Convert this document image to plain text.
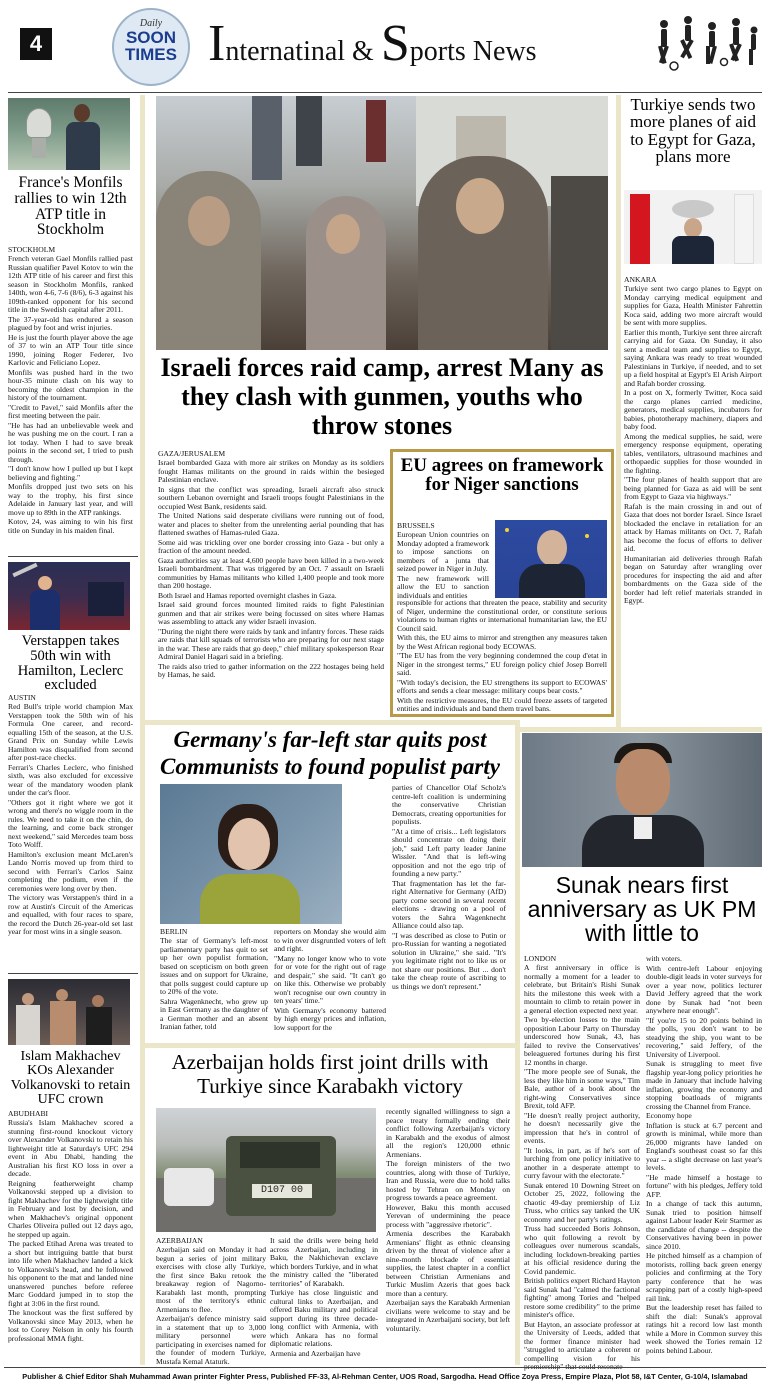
4
Daily
SOON
TIMES Internatinal & Sports News
France's Monfils rallies to win 12th ATP title in Stockholm
STOCKHOLM

French veteran Gael Monfils rallied past Russian qualifier Pavel Kotov to win the 12th ATP title of his career and first this season in Stockholm Monfils, ranked 140th, won 4-6, 7-6 (8/6), 6-3 against his 109th-ranked opponent for his second title in the Swedish capital after 2011.

The 37-year-old has endured a season plagued by foot and wrist injuries.

He is just the fourth player above the age of 37 to win an ATP Tour title since 1990, joining Roger Federer, Ivo Karlovic and Feliciano Lopez.

Monfils was pushed hard in the two hour-35 minute clash on his way to becoming the oldest champion in the history of the tournament.

"Credit to Pavel," said Monfils after the first meeting between the pair.

"He has had an unbelievable week and he was pushing me on the court. I ran a lot today. When I had to save break points in the second set, I tried to push through.

"I don't know how I pulled up but I kept believing and fighting."

Monfils dropped just two sets on his way to the trophy, his first since Adelaide in January last year, and will move up to 89th in the ATP rankings.

Kotov, 24, was aiming to win his first title on Sunday in his maiden final.

Verstappen takes 50th win with Hamilton, Leclerc excluded
AUSTIN

Red Bull's triple world champion Max Verstappen took the 50th win of his Formula One career, and record-equalling 15th of the season, at the U.S. Grand Prix on Sunday while Lewis Hamilton was disqualified from second after post-race checks.

Ferrari's Charles Leclerc, who finished sixth, was also excluded for excessive wear of the mandatory wooden plank under the car's floor.

"Others got it right where we got it wrong and there's no wiggle room in the rules. We need to take it on the chin, do the learning, and come back stronger next weekend," said Mercedes team boss Toto Wolff.

Hamilton's exclusion meant McLaren's Lando Norris moved up from third to second with Ferrari's Carlos Sainz completing the podium, even if the ceremonies were long over by then.

The victory was Verstappen's third in a row at Austin's Circuit of the Americas and equalled, with four races to spare, the record the Dutch 26-year-old set last year for most wins in a single season.

Islam Makhachev KOs Alexander Volkanovski to retain UFC crown
ABUDHABI

Russia's Islam Makhachev scored a stunning first-round knockout victory over Alexander Volkanovski to retain his lightweight title at Saturday's UFC 294 event in Abu Dhabi, handing the Australian his first KO loss in over a decade.

Reigning featherweight champ Volkanovski stepped up a division to fight Makhachev for the lightweight title in February and lost by decision, and when Makhachev's original opponent Charles Oliveira pulled out 12 days ago, he stepped up again.

The packed Etihad Arena was treated to a short but intriguing battle that burst into life when Makhachev landed a kick to Volkanovski's head, and he followed his opponent to the mat and landed nine unanswered punches before referee Marc Goddard jumped in to stop the fight at 3:06 in the first round.

The knockout was the first suffered by Volkanovski since May 2013, when he lost to Corey Nelson in only his fourth professional MMA fight.

Israeli forces raid camp, arrest Many as they clash with gunmen, youths who throw stones
GAZA/JERUSALEM

Israel bombarded Gaza with more air strikes on Monday as its soldiers fought Hamas militants on the ground in raids within the besieged Palestinian enclave.

In signs that the conflict was spreading, Israeli aircraft also struck southern Lebanon overnight and Israeli troops fought Palestinians in the occupied West Bank, residents said.

The United Nations said desperate civilians were running out of food, water and places to shelter from the unrelenting aerial pounding that has flattened swathes of Hamas-ruled Gaza.

Some aid was trickling over one border crossing into Gaza - but only a fraction of the amount needed.

Gaza authorities say at least 4,600 people have been killed in a two-week Israeli bombardment. That was triggered by an Oct. 7 assault on Israeli communities by Hamas militants who killed 1,400 people and took more than 200 hostage.

Both Israel and Hamas reported overnight clashes in Gaza.

Israel said ground forces mounted limited raids to fight Palestinian gunmen and that air strikes were being focussed on sites where Hamas was assembling to attack any wider Israeli invasion.

"During the night there were raids by tank and infantry forces. These raids are raids that kill squads of terrorists who are preparing for our next stage in the war. These are raids that go deep," chief military spokesperson Rear Admiral Daniel Hagari said in a briefing.

The raids also tried to gather information on the 222 hostages being held by Hamas, he said.

EU agrees on framework for Niger sanctions
BRUSSELS

European Union countries on Monday adopted a framework to impose sanctions on members of a junta that seized power in Niger in July.

The new framework will allow the EU to sanction individuals and entities

responsible for actions that threaten the peace, stability and security of Niger, undermine the constitutional order, or constitute serious violations to human rights or international humanitarian law, the EU Council said.

With this, the EU aims to mirror and strengthen any measures taken by the West African regional body ECOWAS.

"The EU has from the very beginning condemned the coup d'etat in Niger in the strongest terms," EU foreign policy chief Josep Borrell said.

"With today's decision, the EU strengthens its support to ECOWAS' efforts and sends a clear message: military coups bear costs."

With the restrictive measures, the EU could freeze assets of targeted entities and individuals and band them travel bans.

Turkiye sends two more planes of aid to Egypt for Gaza, plans more
ANKARA

Turkiye sent two cargo planes to Egypt on Monday carrying medical equipment and supplies for Gaza, Health Minister Fahrettin Koca said, adding two more aircraft would be sent with more supplies.

Earlier this month, Turkiye sent three aircraft carrying aid for Gaza. On Sunday, it also sent a medical team and supplies to Egypt, saying Ankara was ready to treat wounded Palestinians in Turkiye, if needed, and to set up a field hospital at Egypt's El Arish Airport and Rafah border crossing.

In a post on X, formerly Twitter, Koca said the cargo planes carried medicine, generators, medical supplies, incubators for babies, phototherapy machinery, diapers and baby food.

Among the medical supplies, he said, were emergency response equipment, operating tables, ventilators, ultrasound machines and orthopaedic supplies for those wounded in the fighting.

"The four planes of health support that are being planned for Gaza as aid will be sent from Egypt to Gaza via highways."

Rafah is the main crossing in and out of Gaza that does not border Israel. Since Israel blockaded the enclave in retaliation for an attack by Hamas militants on Oct. 7, Rafah has become the focus of efforts to deliver aid.

Humanitarian aid deliveries through Rafah began on Saturday after wrangling over procedures for inspecting the aid and after bombardments on the Gaza side of the border had left relief materials stranded in Egypt.

Germany's far-left star quits post
Communists to found populist party
BERLIN

The star of Germany's left-most parliamentary party has quit to set up her own populist formation, based on scepticism on both green issues and on support for Ukraine, that polls suggest could capture up to 20% of the vote.

Sahra Wagenknecht, who grew up in East Germany as the daughter of a German mother and an absent Iranian father, told

reporters on Monday she would aim to win over disgruntled voters of left and right.

"Many no longer know who to vote for or vote for the right out of rage and despair," she said. "It can't go on like this. Otherwise we probably won't recognise our own country in ten years' time."

With Germany's economy battered by high energy prices and inflation, low support for the

parties of Chancellor Olaf Scholz's centre-left coalition is undermining the conservative Christian Democrats, creating opportunities for populists.

"At a time of crisis... Left legislators should concentrate on doing their job," said Left party leader Janine Wissler. "And that is left-wing opposition and not the ego trip of founding a new party."

That fragmentation has let the far-right Alternative for Germany (AfD) party come second in several recent elections - drawing on a pool of voters the Sahra Wagenknecht Alliance could also tap.

"I was described as close to Putin or pro-Russian for wanting a negotiated solution in Ukraine," she said. "It's you legitimate right not to like us or not share our positions. But ... don't take the cheap route of ascribing to us things we don't represent."

Azerbaijan holds first joint drills with
Turkiye since Karabakh victory
D107 00
AZERBAIJAN

Azerbaijan said on Monday it had begun a series of joint military exercises with close ally Turkiye, the first since Baku retook the breakaway region of Nagorno-Karabakh last month, prompting most of the territory's ethnic Armenians to flee.

Azerbaijan's defence ministry said in a statement that up to 3,000 military personnel were participating in exercises named for the founder of modern Turkiye, Mustafa Kemal Ataturk.

It said the drills were being held across Azerbaijan, including in Baku, the Nakhichevan exclave which borders Turkiye, and in what the ministry called the "liberated territories" of Karabakh.

Turkiye has close linguistic and cultural links to Azerbaijan, and offered Baku military and political support during its three decade-long conflict with Armenia, with which Ankara has no formal diplomatic relations.

Armenia and Azerbaijan have

recently signalled willingness to sign a peace treaty formally ending their conflict following Azerbaijan's victory in Karabakh and the exodus of almost all the region's 120,000 ethnic Armenians.

The foreign ministers of the two countries, along with those of Turkiye, Iran and Russia, were due to hold talks hosted by Tehran on Monday on progress towards a peace agreement.

However, Baku this month accused Yerevan of undermining the peace process with "aggressive rhetoric".

Armenia describes the Karabakh Armenians' flight as ethnic cleansing driven by the threat of violence after a nine-month blockade of essential supplies, the latest chapter in a conflict between Christian Armenians and Turkic Muslim Azeris that goes back more than a century.

Azerbaijan says the Karabakh Armenian civilians were welcome to stay and be integrated in Azerbaijani society, but left voluntarily.

Sunak nears first anniversary as UK PM with little to
LONDON

A first anniversary in office is normally a moment for a leader to celebrate, but Britain's Rishi Sunak hits the milestone this week with a mountain to climb to retain power in a general election expected next year.

Two by-election losses to the main opposition Labour Party on Thursday underscored how Sunak, 43, has failed to revive the Conservatives' beleaguered fortunes during his first 12 months in charge.

"The more people see of Sunak, the less they like him in some ways," Tim Bale, author of a book about the right-wing Conservatives since Brexit, told AFP.

"He doesn't really project authority, he doesn't necessarily give the impression that he's in control of events.

"It looks, in part, as if he's sort of lurching from one policy initiative to another in a desperate attempt to curry favour with the electorate."

Sunak entered 10 Downing Street on October 25, 2022, following the chaotic 49-day premiership of Liz Truss, who critics say tanked the UK economy and her party's ratings.

Truss had succeeded Boris Johnson, who quit following a revolt by colleagues over numerous scandals, including lockdown-breaking parties at his official residence during the Covid pandemic.

British politics expert Richard Hayton said Sunak had "calmed the factional fighting" among Tories and "helped restore some credibility" to the prime minister's office.

But Hayton, an associate professor at the University of Leeds, added that the former finance minister had "struggled to articulate a coherent or compelling vision for his

with voters.

With centre-left Labour enjoying double-digit leads in voter surveys for over a year now, politics lecturer David Jeffery agreed that the work done by Sunak had "not been anywhere near enough".

"If you're 15 to 20 points behind in the polls, you don't want to be steadying the ship, you want to be recovering," said Jeffery, of the University of Liverpool.

Sunak is struggling to meet five flagship year-long policy priorities he made in January that include halving inflation, growing the economy and stopping boatloads of migrants crossing the Channel from France.

Economy hope

Inflation is stuck at 6.7 percent and growth is minimal, while more than 26,000 migrants have landed on England's southeast coast so far this year -- a slight decrease on last year's levels.

"He made himself a hostage to fortune" with his pledges, Jeffery told AFP.

In a change of tack this autumn, Sunak tried to position himself against Labour leader Keir Starmer as the candidate of change -- despite the Conservatives having been in power since 2010.

He pitched himself as a champion of motorists, rolling back green energy policies and confirming at the Tory party conference that he was scrapping part of a costly high-speed rail link.

But the leadership reset has failed to shift the dial: Sunak's approval ratings hit a record low last month while a More in Common survey this week showed the Tories remain 12 points behind Labour.

Publisher & Chief Editor Shah Muhammad Awan printer Fighter Press, Published FF-33, Al-Rehman Center, UOS Road, Sargodha. Head Office Zoya Press, Empire Plaza, Plot 58, I&T Center, G-10/4, Islamabad
